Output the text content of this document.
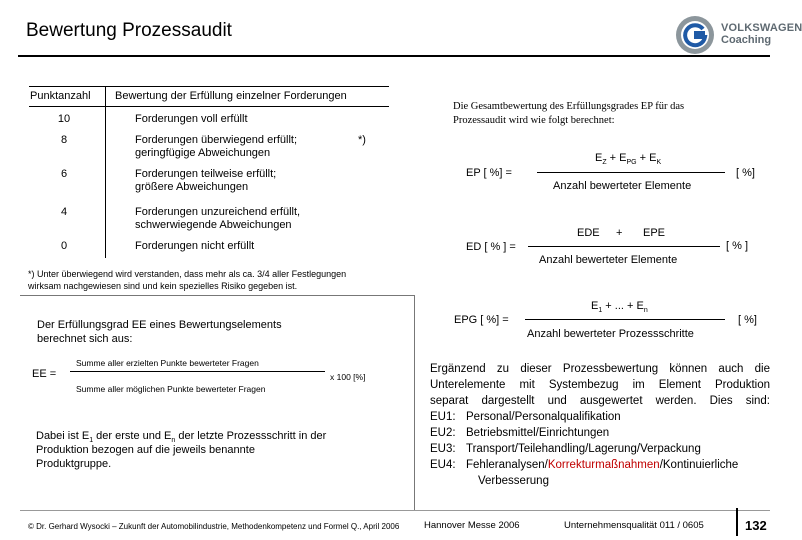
Bewertung Prozessaudit	VOLKSWAGEN
Coaching
Punktanzahl Bewertung der Erfüllung einzelner Forderungen
10	Forderungen voll erfüllt
8	Forderungen überwiegend erfüllt;
geringfügige Abweichungen
*)
6	Forderungen teilweise erfüllt;
größere Abweichungen
4	Forderungen unzureichend erfüllt,
schwerwiegende Abweichungen
0	Forderungen nicht erfüllt
*) Unter überwiegend wird verstanden, dass mehr als ca. 3/4 aller Festlegungen
wirksam nachgewiesen sind und kein spezielles Risiko gegeben ist.
Der Erfüllungsgrad EE eines Bewertungselements
berechnet sich aus:
EE =
Summe aller erzielten Punkte bewerteter Fragen
Summe aller möglichen Punkte bewerteter Fragen
x 100 [%]
Dabei ist $E_1$ der erste und $E_n$ der letzte Prozessschritt in der
Produktion bezogen auf die jeweils benannte
Produktgruppe.
Die Gesamtbewertung des Erfüllungsgrades EP für das
Prozessaudit wird wie folgt berechnet:
EP [ %] =
$E_Z + E_{PG} + E_K$
Anzahl bewerteter Elemente
[ %]
EDE + EPE
ED [ % ] =
Anzahl bewerteter Elemente
[ % ]
$E_1$ + ... + $E_n$
EPG [ %] =
Anzahl bewerteter Prozessschritte
[ %]
Ergänzend zu dieser Prozessbewertung können auch die
Unterelemente mit Systembezug im Element Produktion
separat dargestellt und ausgewertet werden. Dies sind:
EU1: Personal/Personalqualifikation
EU2: Betriebsmittel/Einrichtungen
EU3: Transport/Teilehandling/Lagerung/Verpackung
EU4: Fehleranalysen/Korrekturmaßnahmen/Kontinuierliche
Verbesserung
© Dr. Gerhard Wysocki – Zukunft der Automobilindustrie, Methodenkompetenz und Formel Q., April 2006	Hannover Messe 2006	Unternehmensqualität 011 / 0605	132
